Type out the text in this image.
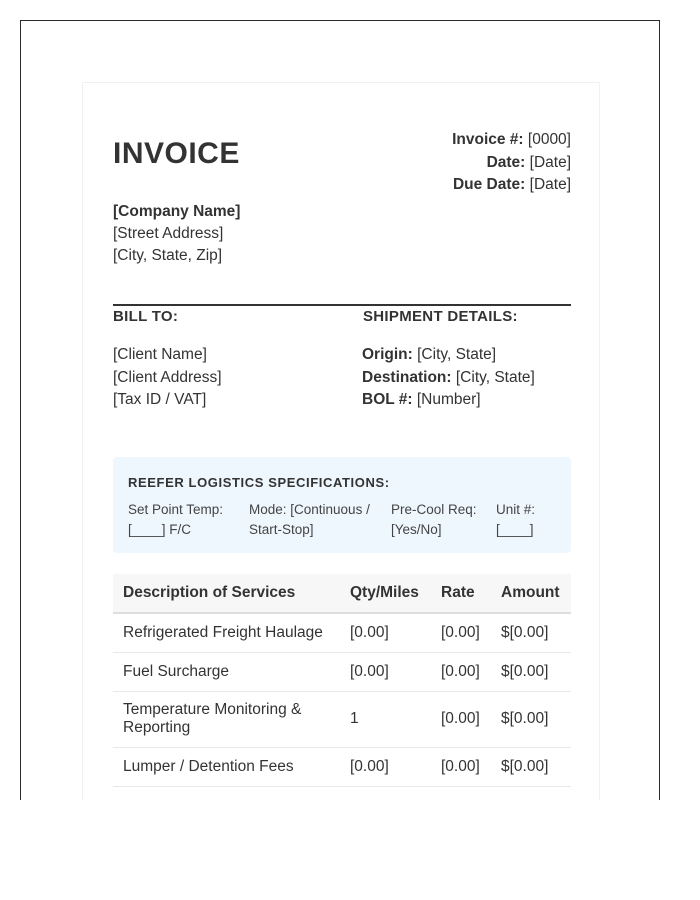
INVOICE	Invoice #: [0000]
Date: [Date]
Due Date: [Date]
[Company Name]
[Street Address]
[City, State, Zip]
BILL TO:	SHIPMENT DETAILS:
[Client Name]
[Client Address]
[Tax ID / VAT]
Origin: [City, State]
Destination: [City, State]
BOL #: [Number]
REEFER LOGISTICS SPECIFICATIONS:
Set Point Temp:
[____] F/C
Mode: [Continuous /
Start-Stop]
Pre-Cool Req:
[Yes/No]
Unit #:
[____]
Description of Services	Qty/Miles	Rate	Amount
Refrigerated Freight Haulage	[0.00]	[0.00]	$[0.00]
Fuel Surcharge	[0.00]	[0.00]	$[0.00]
Temperature Monitoring & Reporting	1	[0.00]	$[0.00]
Lumper / Detention Fees	[0.00]	[0.00]	$[0.00]
